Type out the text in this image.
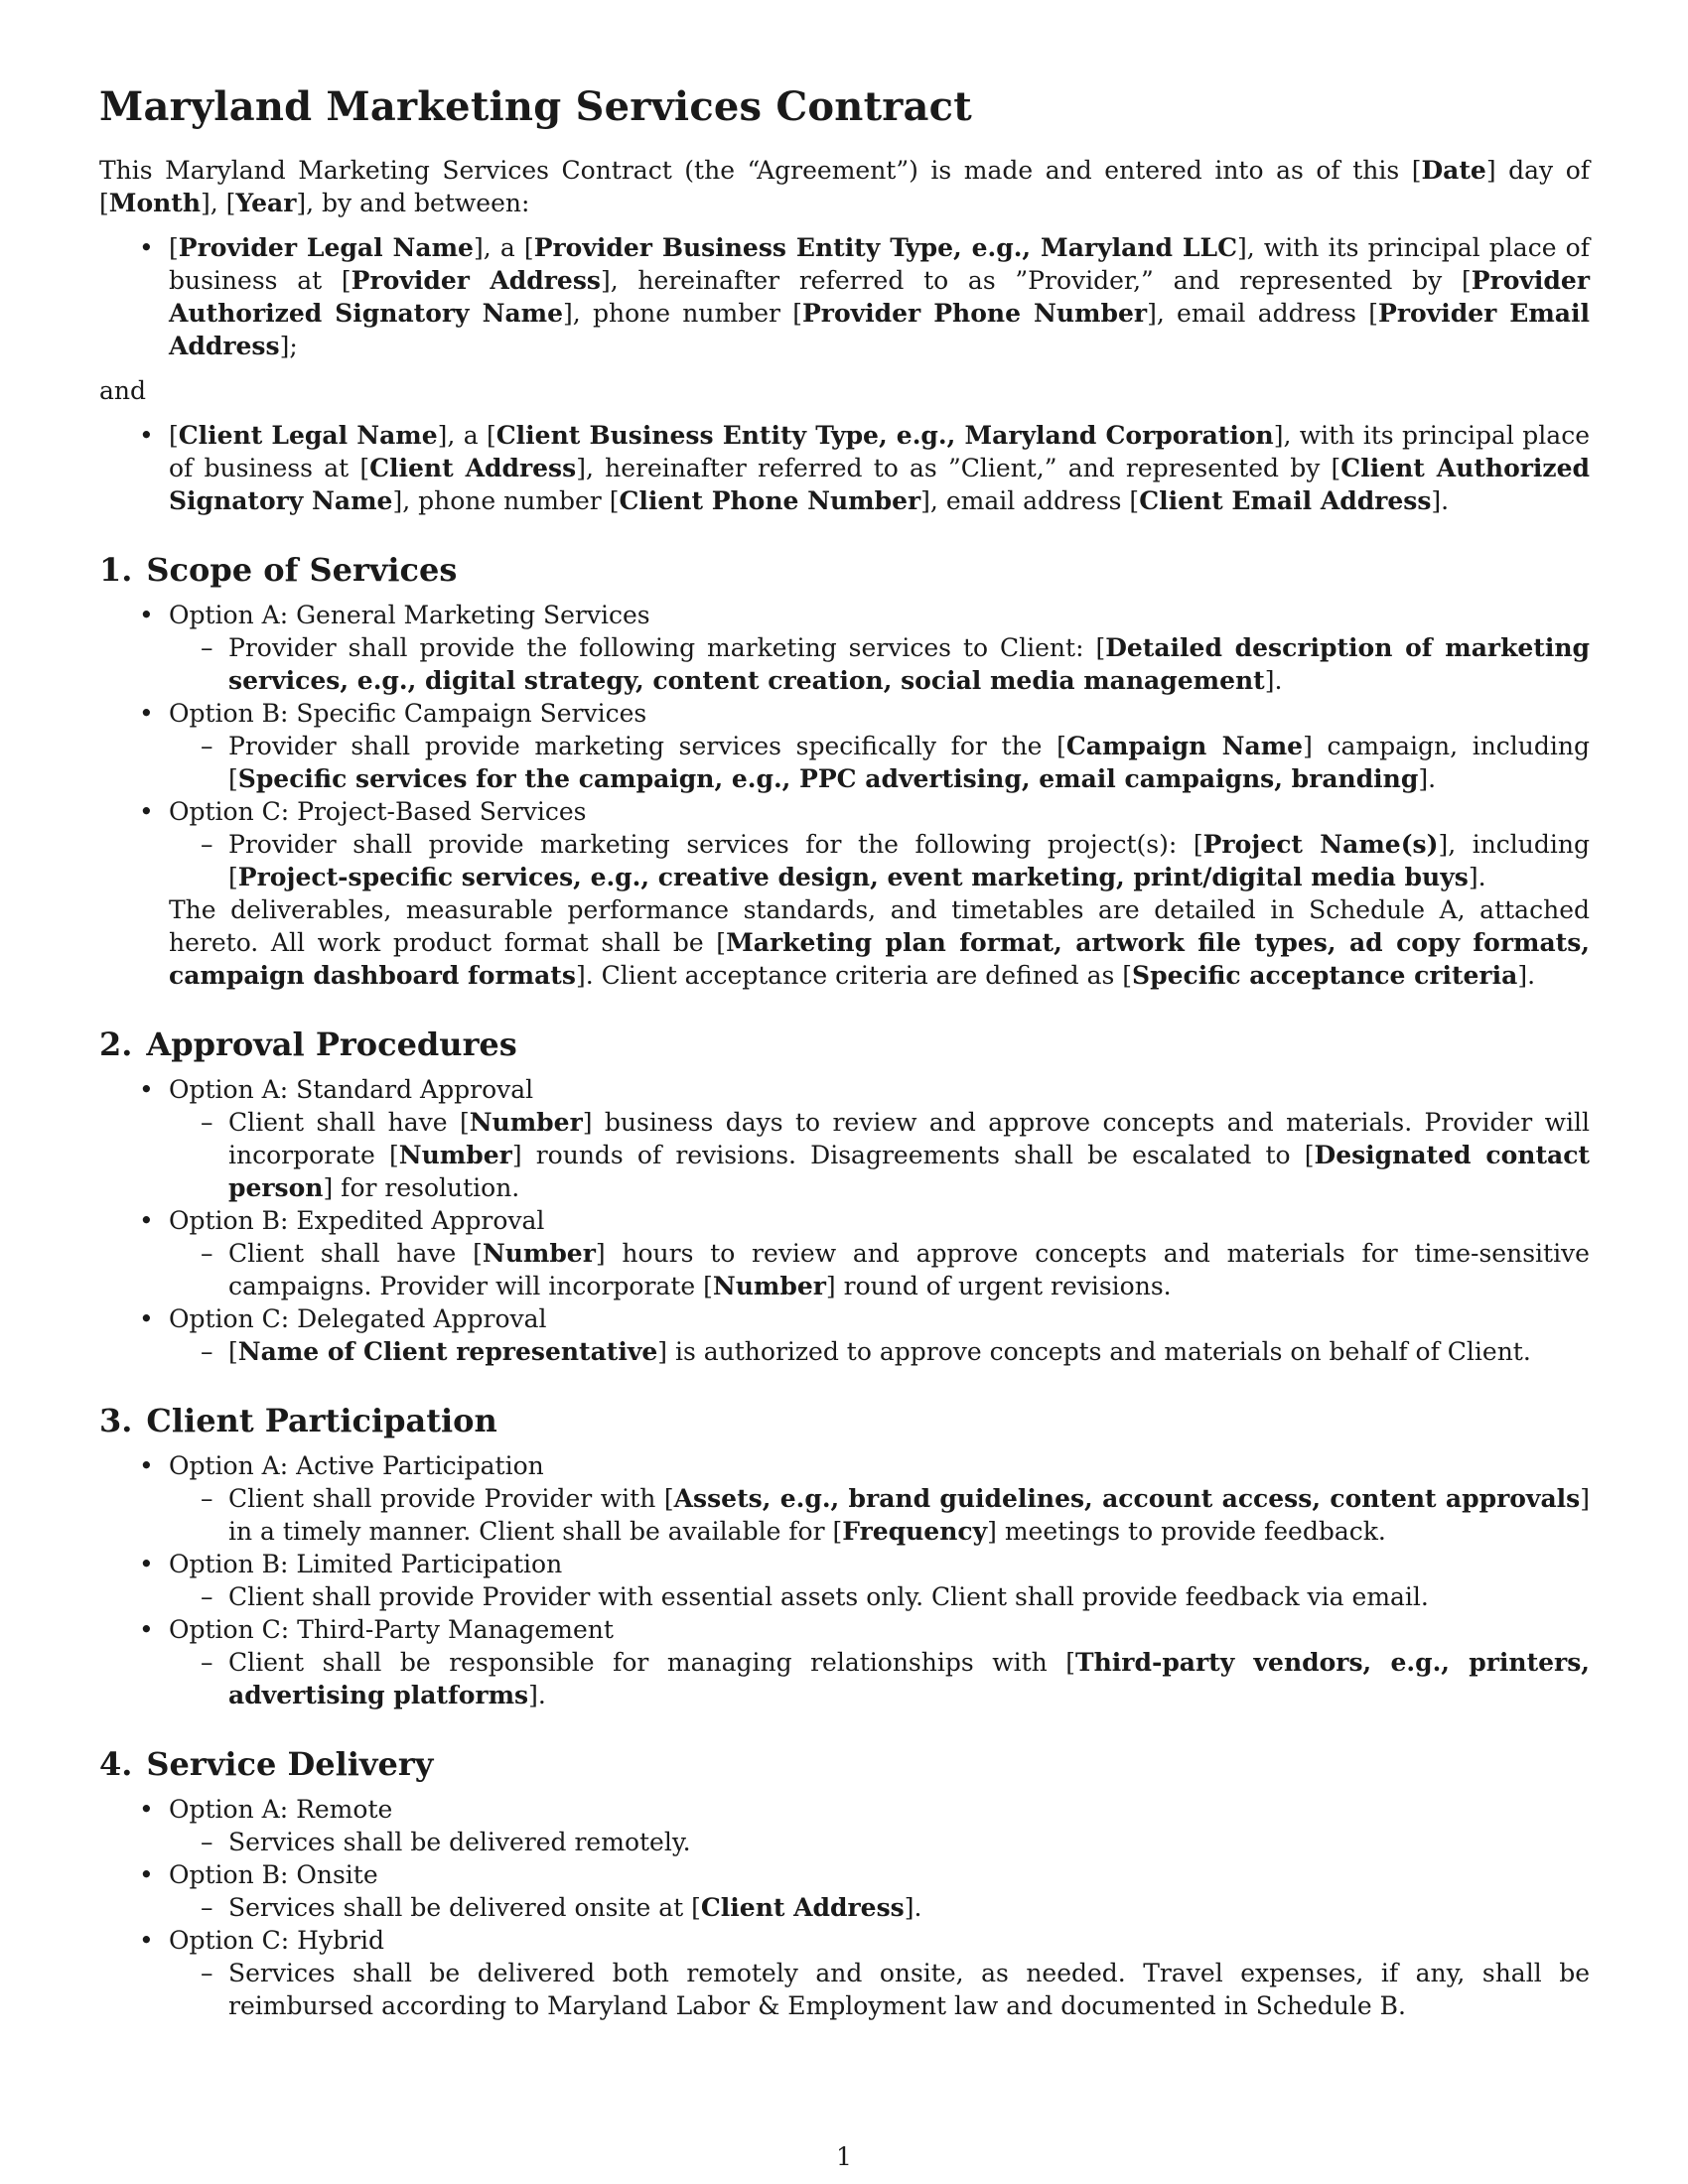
Maryland Marketing Services Contract

This Maryland Marketing Services Contract (the “Agreement”) is made and entered into as of this [Date] day of [Month], [Year], by and between:

• [Provider Legal Name], a [Provider Business Entity Type, e.g., Maryland LLC], with its principal place of business at [Provider Address], hereinafter referred to as ”Provider,” and represented by [Provider Authorized Signatory Name], phone number [Provider Phone Number], email address [Provider Email Address];

and

• [Client Legal Name], a [Client Business Entity Type, e.g., Maryland Corporation], with its principal place of business at [Client Address], hereinafter referred to as ”Client,” and represented by [Client Authorized Signatory Name], phone number [Client Phone Number], email address [Client Email Address].
1. Scope of Services
• Option A: General Marketing Services
– Provider shall provide the following marketing services to Client: [Detailed description of marketing services, e.g., digital strategy, content creation, social media management].
• Option B: Specific Campaign Services
– Provider shall provide marketing services specifically for the [Campaign Name] campaign, including [Specific services for the campaign, e.g., PPC advertising, email campaigns, branding].
• Option C: Project-Based Services
– Provider shall provide marketing services for the following project(s): [Project Name(s)], including [Project-specific services, e.g., creative design, event marketing, print/digital media buys].
The deliverables, measurable performance standards, and timetables are detailed in Schedule A, attached hereto. All work product format shall be [Marketing plan format, artwork file types, ad copy formats, campaign dashboard formats]. Client acceptance criteria are defined as [Specific acceptance criteria].
2. Approval Procedures
• Option A: Standard Approval
– Client shall have [Number] business days to review and approve concepts and materials. Provider will incorporate [Number] rounds of revisions. Disagreements shall be escalated to [Designated contact person] for resolution.
• Option B: Expedited Approval
– Client shall have [Number] hours to review and approve concepts and materials for time-sensitive campaigns. Provider will incorporate [Number] round of urgent revisions.
• Option C: Delegated Approval
– [Name of Client representative] is authorized to approve concepts and materials on behalf of Client.
3. Client Participation
• Option A: Active Participation
– Client shall provide Provider with [Assets, e.g., brand guidelines, account access, content approvals] in a timely manner. Client shall be available for [Frequency] meetings to provide feedback.
• Option B: Limited Participation
– Client shall provide Provider with essential assets only. Client shall provide feedback via email.
• Option C: Third-Party Management
– Client shall be responsible for managing relationships with [Third-party vendors, e.g., printers, advertising platforms].
4. Service Delivery
• Option A: Remote
– Services shall be delivered remotely.
• Option B: Onsite
– Services shall be delivered onsite at [Client Address].
• Option C: Hybrid
– Services shall be delivered both remotely and onsite, as needed. Travel expenses, if any, shall be reimbursed according to Maryland Labor & Employment law and documented in Schedule B.
1
